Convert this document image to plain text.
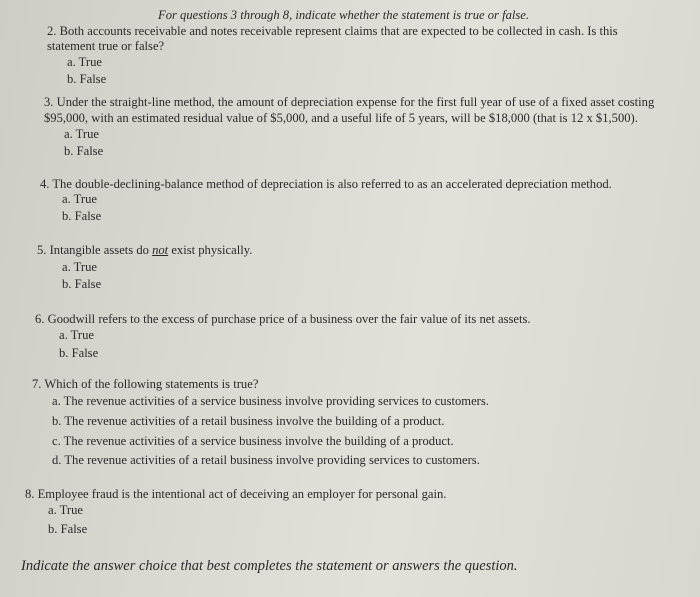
For questions 3 through 8, indicate whether the statement is true or false.
2. Both accounts receivable and notes receivable represent claims that are expected to be collected in cash. Is this
statement true or false?
a. True
b. False
3. Under the straight-line method, the amount of depreciation expense for the first full year of use of a fixed asset costing
$95,000, with an estimated residual value of $5,000, and a useful life of 5 years, will be $18,000 (that is 12 x $1,500).
a. True
b. False
4. The double-declining-balance method of depreciation is also referred to as an accelerated depreciation method.
a. True
b. False
5. Intangible assets do not exist physically.
a. True
b. False
6. Goodwill refers to the excess of purchase price of a business over the fair value of its net assets.
a. True
b. False
7. Which of the following statements is true?
a. The revenue activities of a service business involve providing services to customers.
b. The revenue activities of a retail business involve the building of a product.
c. The revenue activities of a service business involve the building of a product.
d. The revenue activities of a retail business involve providing services to customers.
8. Employee fraud is the intentional act of deceiving an employer for personal gain.
a. True
b. False
Indicate the answer choice that best completes the statement or answers the question.
